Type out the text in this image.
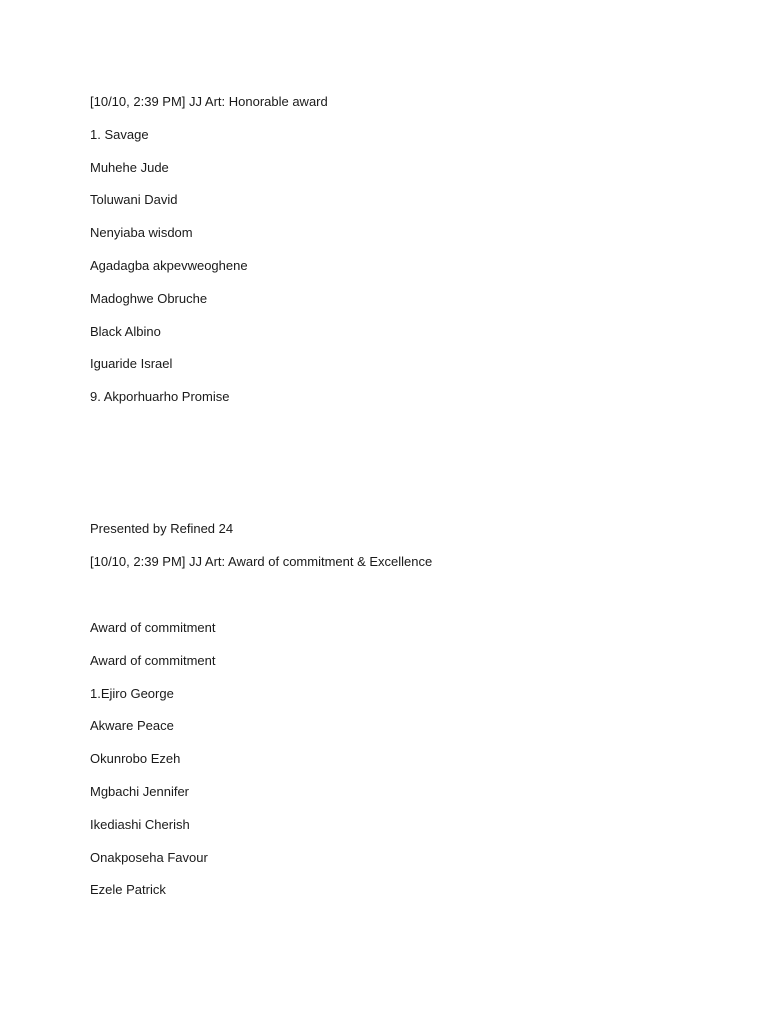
[10/10, 2:39 PM] JJ Art: Honorable award
1. Savage
Muhehe Jude
Toluwani David
Nenyiaba wisdom
Agadagba akpevweoghene
Madoghwe Obruche
Black Albino
Iguaride Israel
9. Akporhuarho Promise
Presented by Refined 24
[10/10, 2:39 PM] JJ Art: Award of commitment & Excellence
Award of commitment
Award of commitment
1.Ejiro George
Akware Peace
Okunrobo Ezeh
Mgbachi Jennifer
Ikediashi Cherish
Onakposeha Favour
Ezele Patrick
